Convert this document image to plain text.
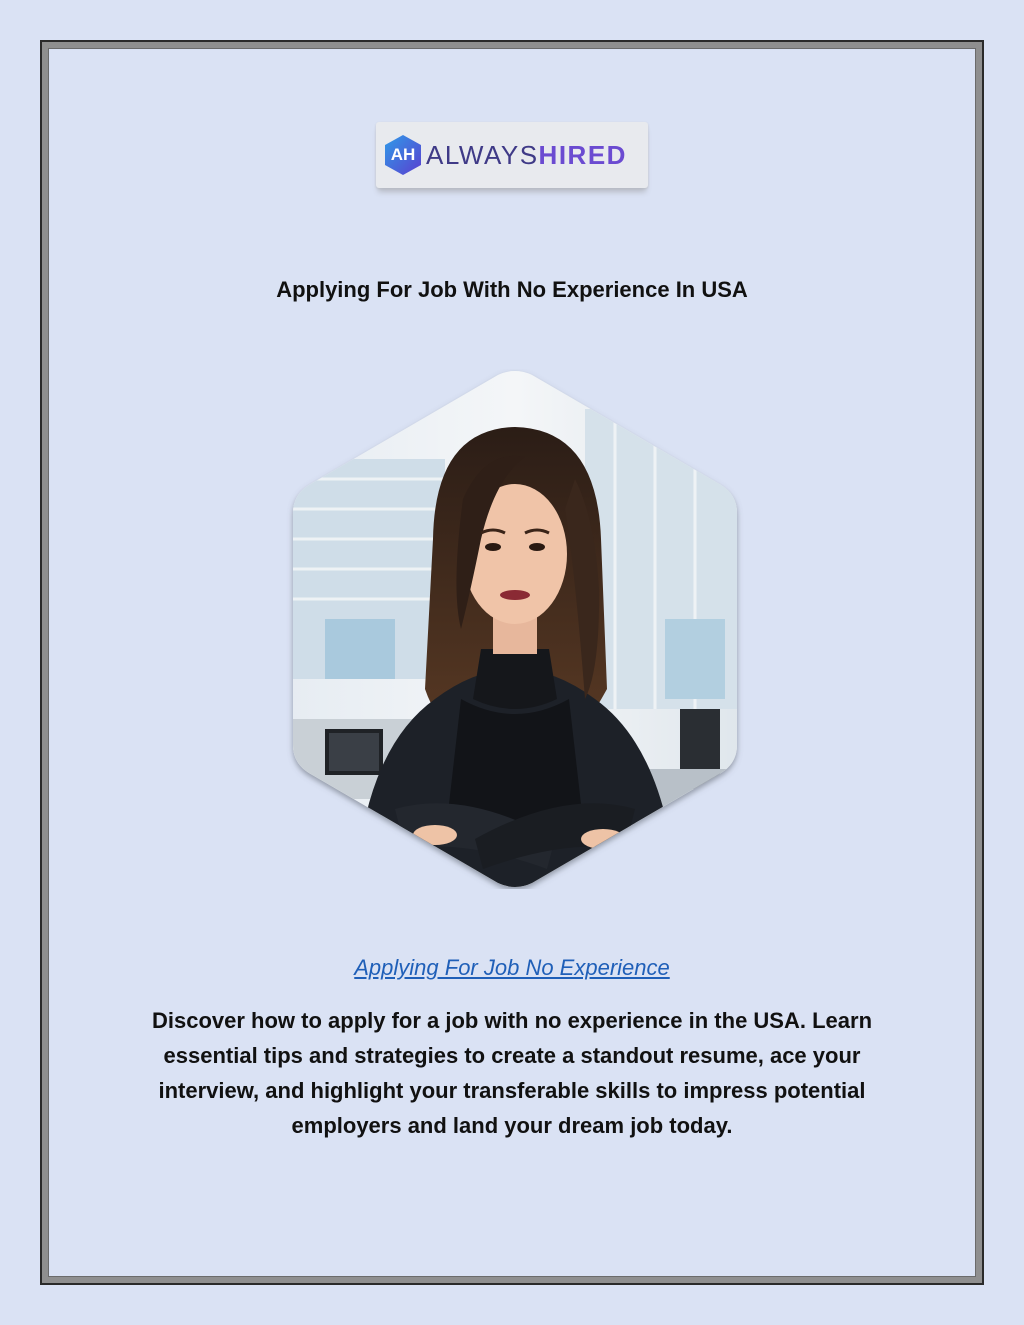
AH ALWAYSHIRED
Applying For Job With No Experience In USA

Applying For Job No Experience

Discover how to apply for a job with no experience in the USA. Learn essential tips and strategies to create a standout resume, ace your interview, and highlight your transferable skills to impress potential employers and land your dream job today.
